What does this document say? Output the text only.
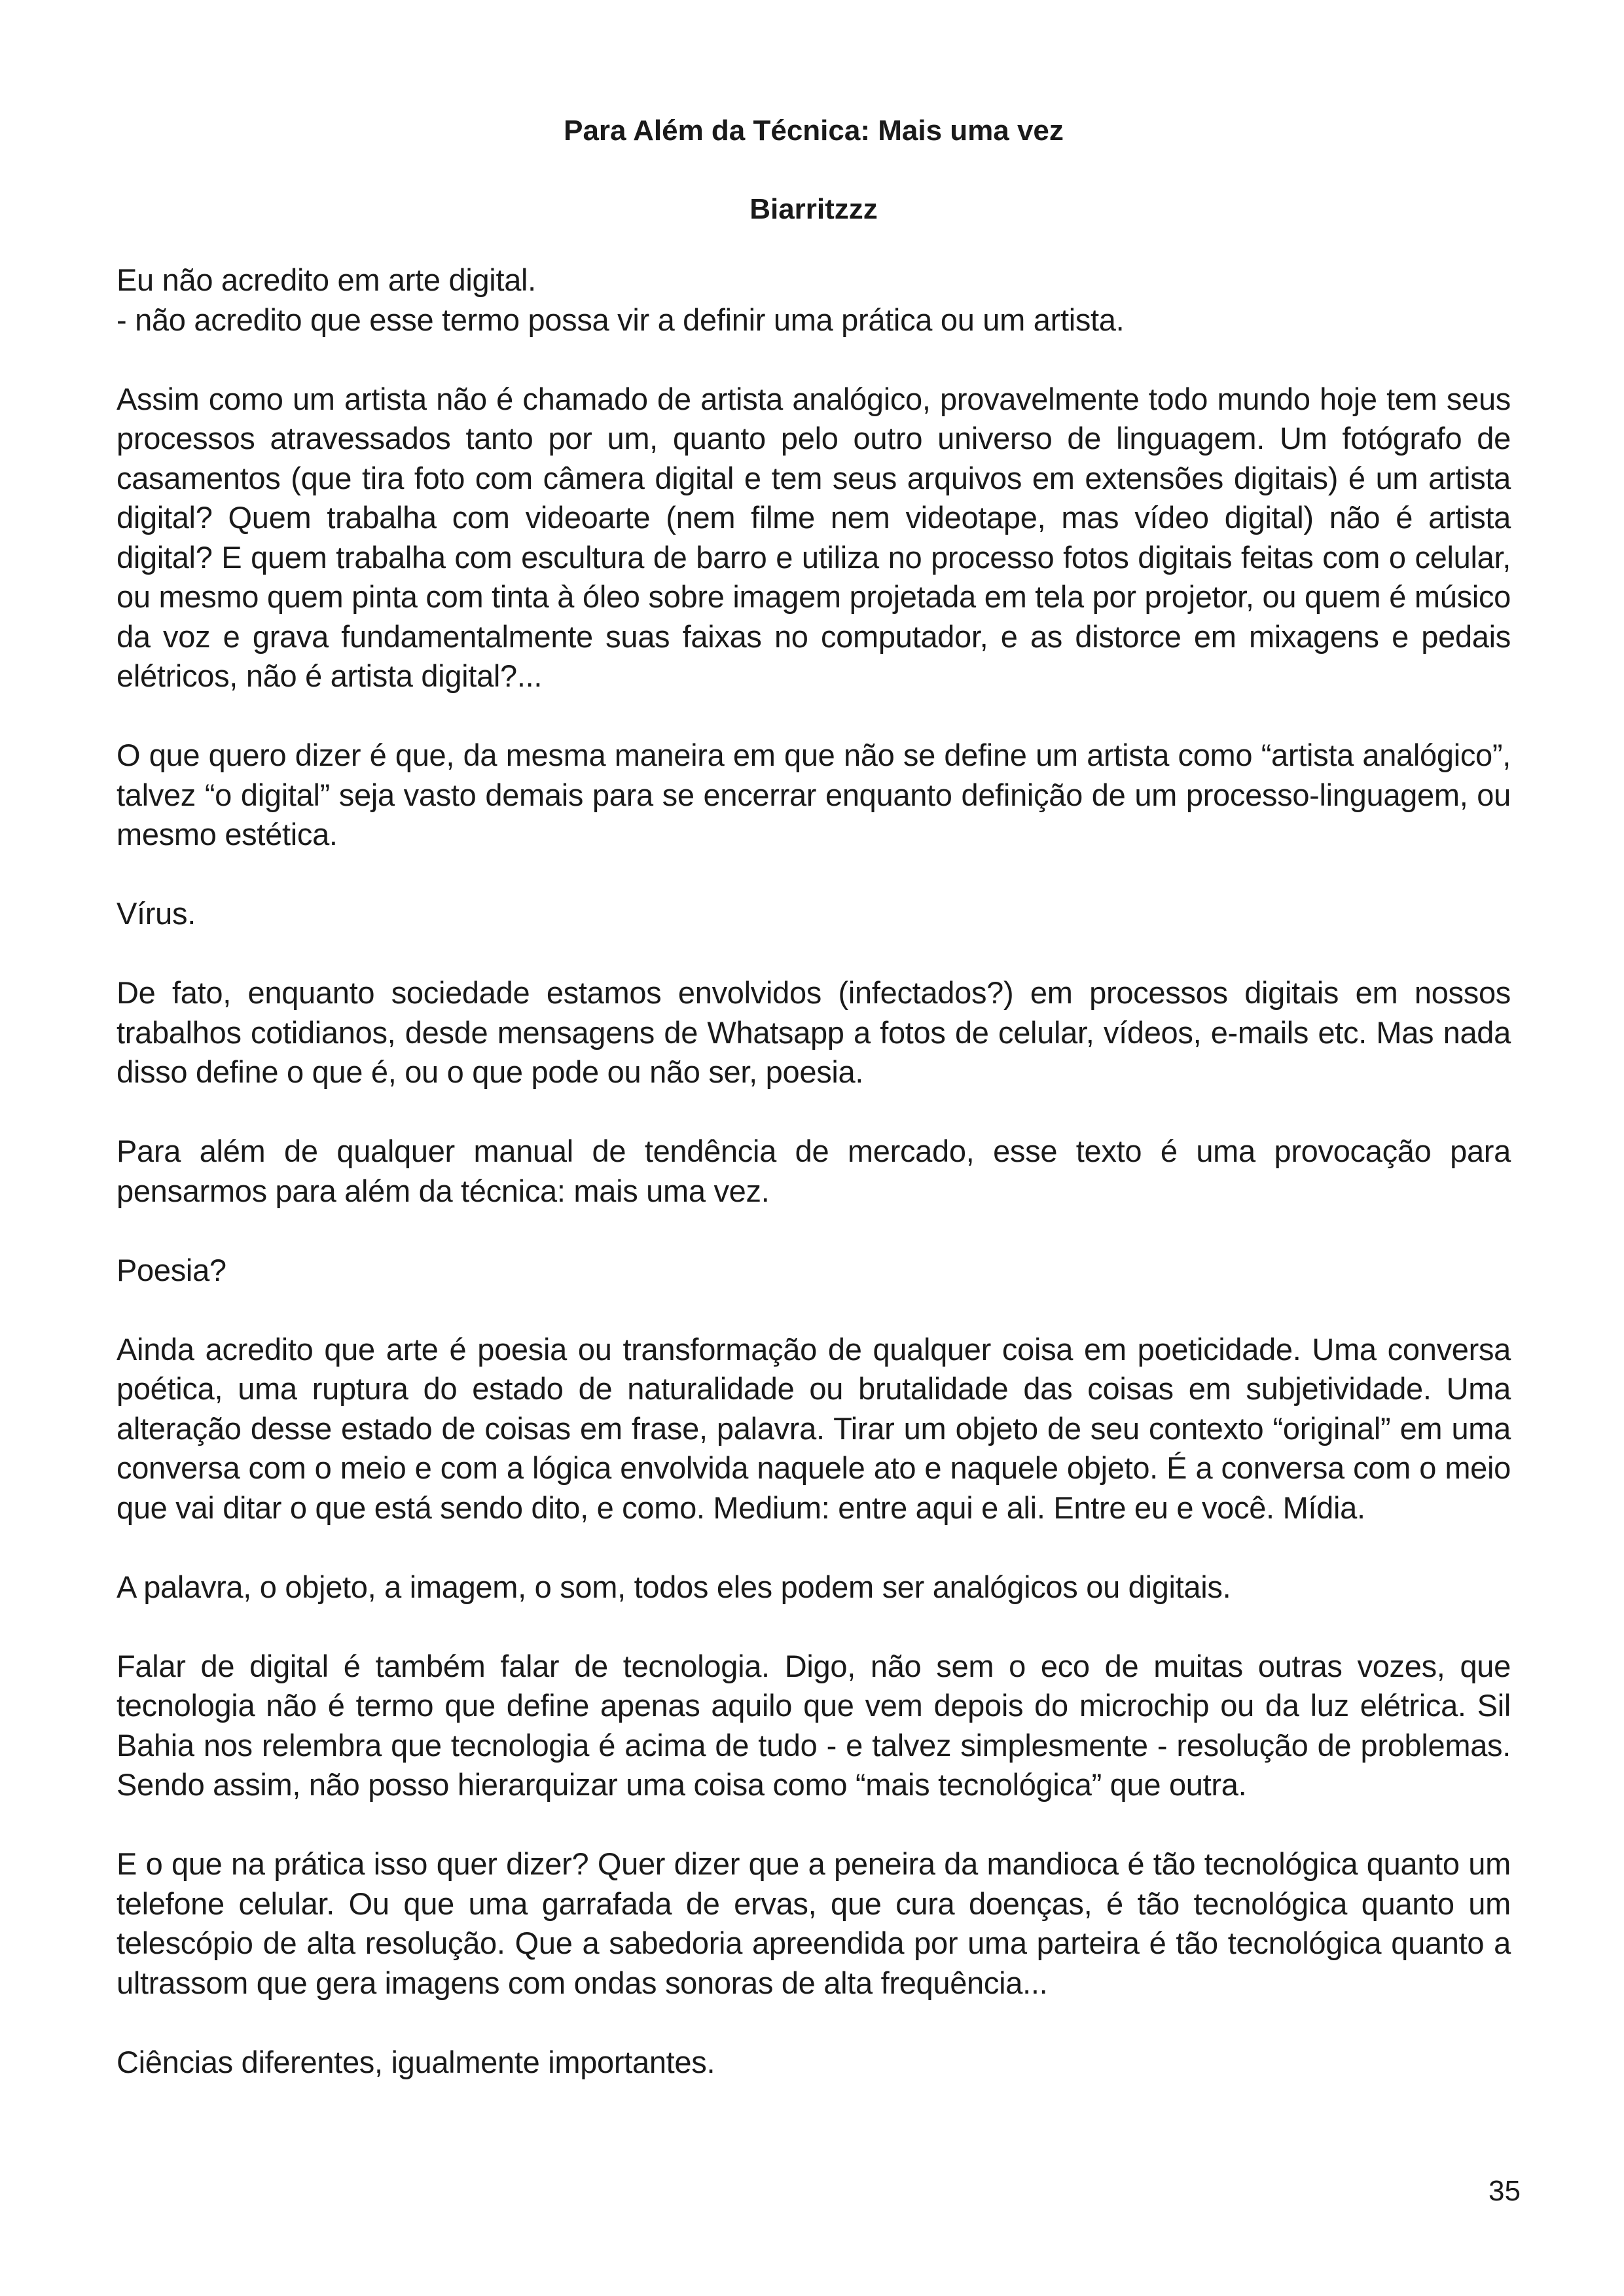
Para Além da Técnica: Mais uma vez
Biarritzzz

Eu não acredito em arte digital.
- não acredito que esse termo possa vir a definir uma prática ou um artista.

Assim como um artista não é chamado de artista analógico, provavelmente todo mundo hoje tem seus processos atravessados tanto por um, quanto pelo outro universo de linguagem. Um fotógrafo de casamentos (que tira foto com câmera digital e tem seus arquivos em extensões digitais) é um artista digital? Quem trabalha com videoarte (nem filme nem videotape, mas vídeo digital) não é artista digital? E quem trabalha com escultura de barro e utiliza no processo fotos digitais feitas com o celular, ou mesmo quem pinta com tinta à óleo sobre imagem projetada em tela por projetor, ou quem é músico da voz e grava fundamentalmente suas faixas no computador, e as distorce em mixagens e pedais elétricos, não é artista digital?...

O que quero dizer é que, da mesma maneira em que não se define um artista como “artista analógico”, talvez “o digital” seja vasto demais para se encerrar enquanto definição de um processo-linguagem, ou mesmo estética.

Vírus.

De fato, enquanto sociedade estamos envolvidos (infectados?) em processos digitais em nossos trabalhos cotidianos, desde mensagens de Whatsapp a fotos de celular, vídeos, e-mails etc. Mas nada disso define o que é, ou o que pode ou não ser, poesia.

Para além de qualquer manual de tendência de mercado, esse texto é uma provocação para pensarmos para além da técnica: mais uma vez.

Poesia?

Ainda acredito que arte é poesia ou transformação de qualquer coisa em poeticidade. Uma conversa poética, uma ruptura do estado de naturalidade ou brutalidade das coisas em subjetividade. Uma alteração desse estado de coisas em frase, palavra. Tirar um objeto de seu contexto “original” em uma conversa com o meio e com a lógica envolvida naquele ato e naquele objeto. É a conversa com o meio que vai ditar o que está sendo dito, e como. Medium: entre aqui e ali. Entre eu e você. Mídia.

A palavra, o objeto, a imagem, o som, todos eles podem ser analógicos ou digitais.

Falar de digital é também falar de tecnologia. Digo, não sem o eco de muitas outras vozes, que tecnologia não é termo que define apenas aquilo que vem depois do microchip ou da luz elétrica. Sil Bahia nos relembra que tecnologia é acima de tudo - e talvez simplesmente - resolução de problemas. Sendo assim, não posso hierarquizar uma coisa como “mais tecnológica” que outra.

E o que na prática isso quer dizer? Quer dizer que a peneira da mandioca é tão tecnológica quanto um telefone celular. Ou que uma garrafada de ervas, que cura doenças, é tão tecnológica quanto um telescópio de alta resolução. Que a sabedoria apreendida por uma parteira é tão tecnológica quanto a ultrassom que gera imagens com ondas sonoras de alta frequência...

Ciências diferentes, igualmente importantes.

35
